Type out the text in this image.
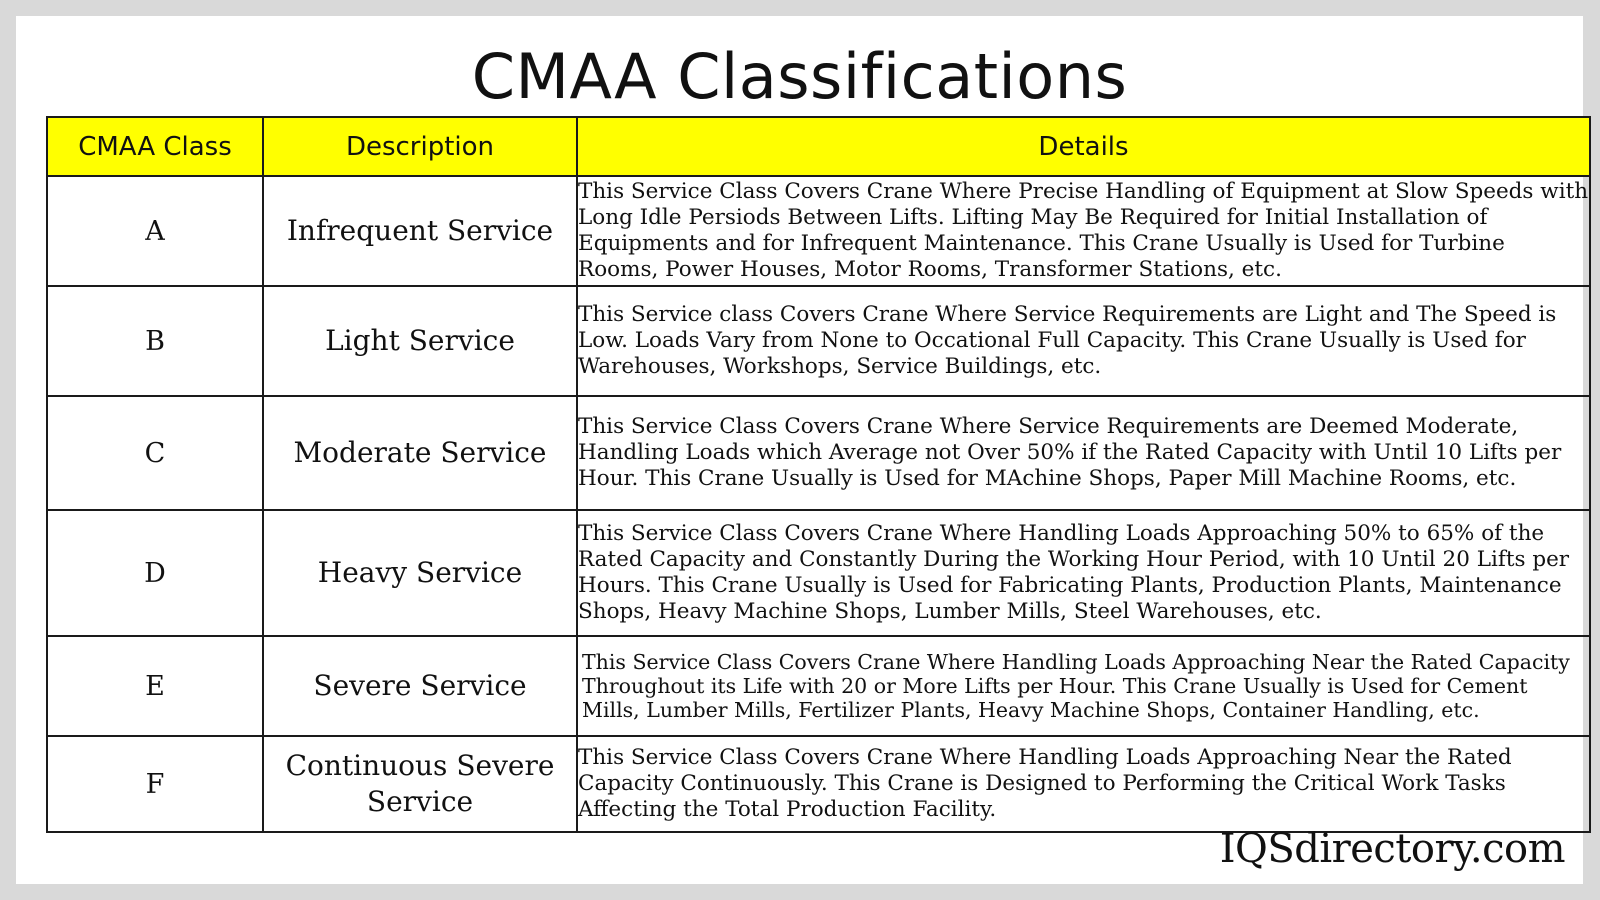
CMAA Classifications
CMAA Class	Description	Details
A	Infrequent Service	This Service Class Covers Crane Where Precise Handling of Equipment at Slow Speeds with Long Idle Persiods Between Lifts. Lifting May Be Required for Initial Installation of Equipments and for Infrequent Maintenance. This Crane Usually is Used for Turbine Rooms, Power Houses, Motor Rooms, Transformer Stations, etc.
B	Light Service	This Service class Covers Crane Where Service Requirements are Light and The Speed is Low. Loads Vary from None to Occational Full Capacity. This Crane Usually is Used for Warehouses, Workshops, Service Buildings, etc.
C	Moderate Service	This Service Class Covers Crane Where Service Requirements are Deemed Moderate, Handling Loads which Average not Over 50% if the Rated Capacity with Until 10 Lifts per Hour. This Crane Usually is Used for MAchine Shops, Paper Mill Machine Rooms, etc.
D	Heavy Service	This Service Class Covers Crane Where Handling Loads Approaching 50% to 65% of the Rated Capacity and Constantly During the Working Hour Period, with 10 Until 20 Lifts per Hours. This Crane Usually is Used for Fabricating Plants, Production Plants, Maintenance Shops, Heavy Machine Shops, Lumber Mills, Steel Warehouses, etc.
E	Severe Service	This Service Class Covers Crane Where Handling Loads Approaching Near the Rated Capacity Throughout its Life with 20 or More Lifts per Hour. This Crane Usually is Used for Cement Mills, Lumber Mills, Fertilizer Plants, Heavy Machine Shops, Container Handling, etc.
F	Continuous Severe Service	This Service Class Covers Crane Where Handling Loads Approaching Near the Rated Capacity Continuously. This Crane is Designed to Performing the Critical Work Tasks Affecting the Total Production Facility.
IQSdirectory.com
